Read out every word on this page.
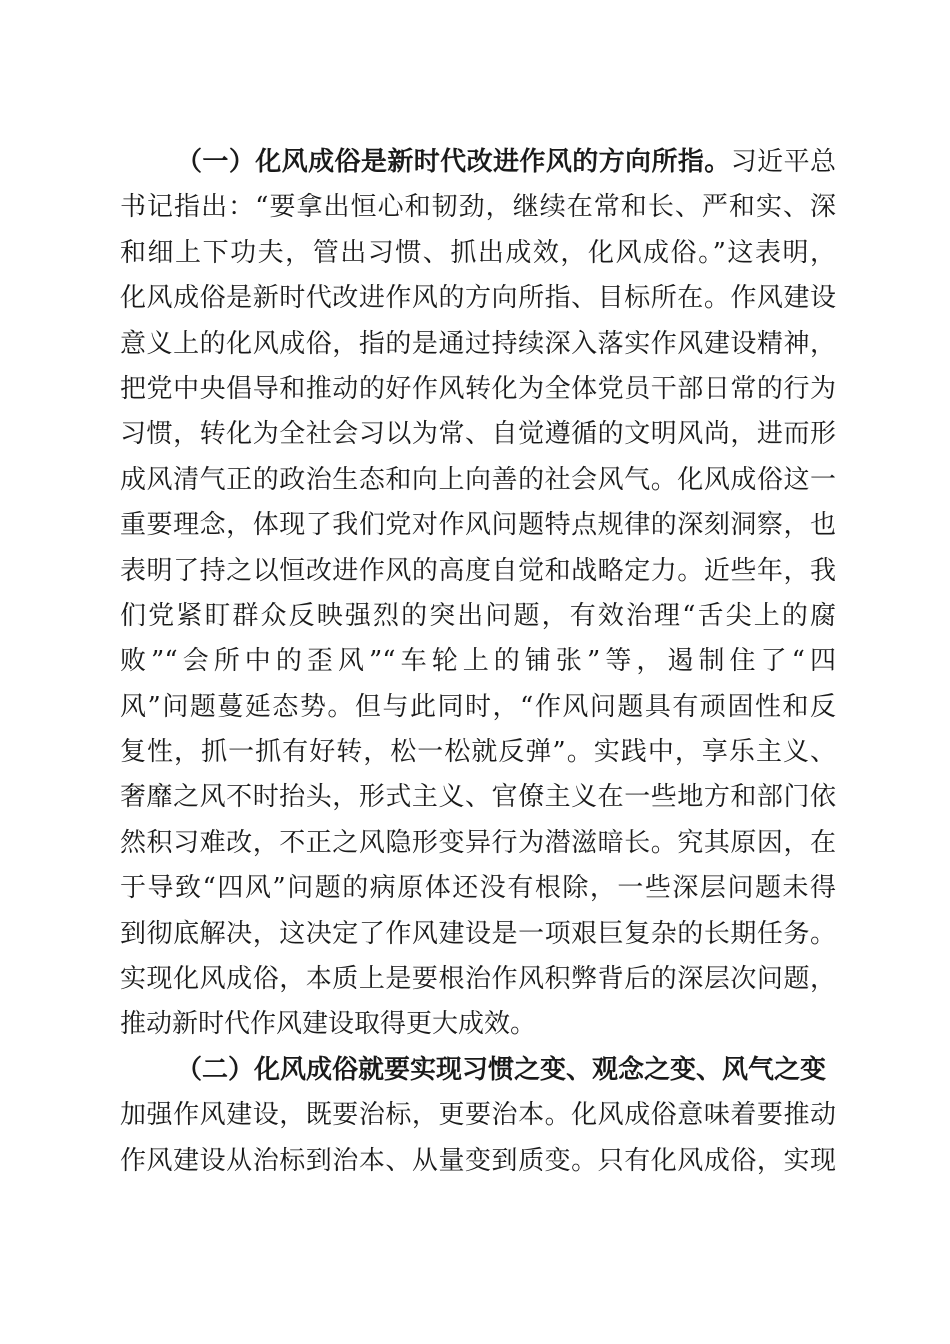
（一）化风成俗是新时代改进作风的方向所指。习近平总
书记指出：“要拿出恒心和韧劲，继续在常和长、严和实、深
和细上下功夫，管出习惯、抓出成效，化风成俗。”这表明，
化风成俗是新时代改进作风的方向所指、目标所在。作风建设
意义上的化风成俗，指的是通过持续深入落实作风建设精神，
把党中央倡导和推动的好作风转化为全体党员干部日常的行为
习惯，转化为全社会习以为常、自觉遵循的文明风尚，进而形
成风清气正的政治生态和向上向善的社会风气。化风成俗这一
重要理念，体现了我们党对作风问题特点规律的深刻洞察，也
表明了持之以恒改进作风的高度自觉和战略定力。近些年，我
们党紧盯群众反映强烈的突出问题，有效治理“舌尖上的腐
败”“会所中的歪风”“车轮上的铺张”等，遏制住了“四
风”问题蔓延态势。但与此同时，“作风问题具有顽固性和反
复性，抓一抓有好转，松一松就反弹”。实践中，享乐主义、
奢靡之风不时抬头，形式主义、官僚主义在一些地方和部门依
然积习难改，不正之风隐形变异行为潜滋暗长。究其原因，在
于导致“四风”问题的病原体还没有根除，一些深层问题未得
到彻底解决，这决定了作风建设是一项艰巨复杂的长期任务。
实现化风成俗，本质上是要根治作风积弊背后的深层次问题，
推动新时代作风建设取得更大成效。
（二）化风成俗就要实现习惯之变、观念之变、风气之变
加强作风建设，既要治标，更要治本。化风成俗意味着要推动
作风建设从治标到治本、从量变到质变。只有化风成俗，实现
